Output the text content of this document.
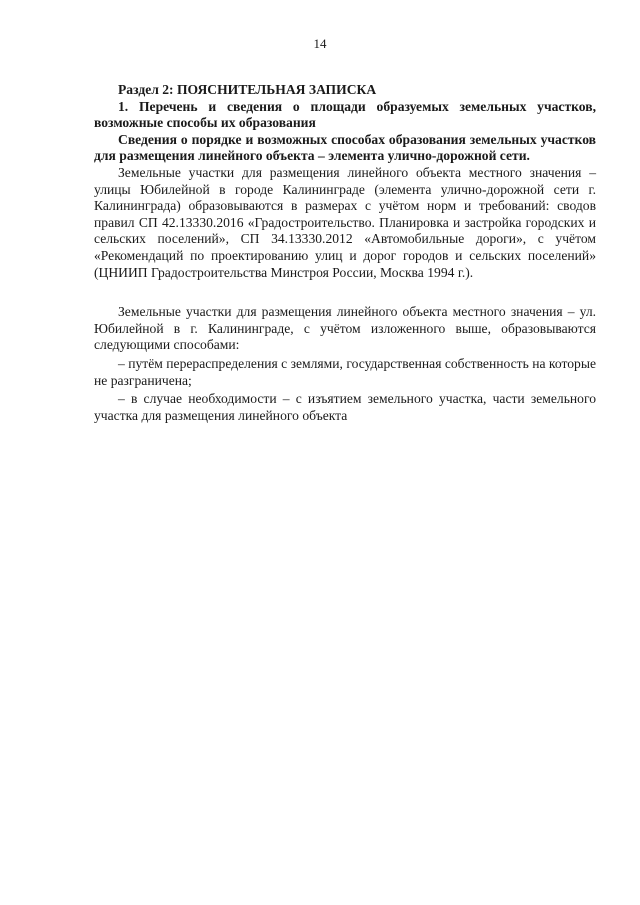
14

Раздел 2: ПОЯСНИТЕЛЬНАЯ ЗАПИСКА

1. Перечень и сведения о площади образуемых земельных участков, возможные способы их образования

Сведения о порядке и возможных способах образования земельных участков для размещения линейного объекта – элемента улично-дорожной сети.

Земельные участки для размещения линейного объекта местного значения – улицы Юбилейной в городе Калининграде (элемента улично-дорожной сети г. Калининграда) образовываются в размерах с учётом норм и требований: сводов правил СП 42.13330.2016 «Градостроительство. Планировка и застройка городских и сельских поселений», СП 34.13330.2012 «Автомобильные дороги», с учётом «Рекомендаций по проектированию улиц и дорог городов и сельских поселений» (ЦНИИП Градостроительства Минстроя России, Москва 1994 г.).

Земельные участки для размещения линейного объекта местного значения – ул. Юбилейной в г. Калининграде, с учётом изложенного выше, образовываются следующими способами:

– путём перераспределения с землями, государственная собственность на которые не разграничена;

– в случае необходимости – с изъятием земельного участка, части земельного участка для размещения линейного объекта
